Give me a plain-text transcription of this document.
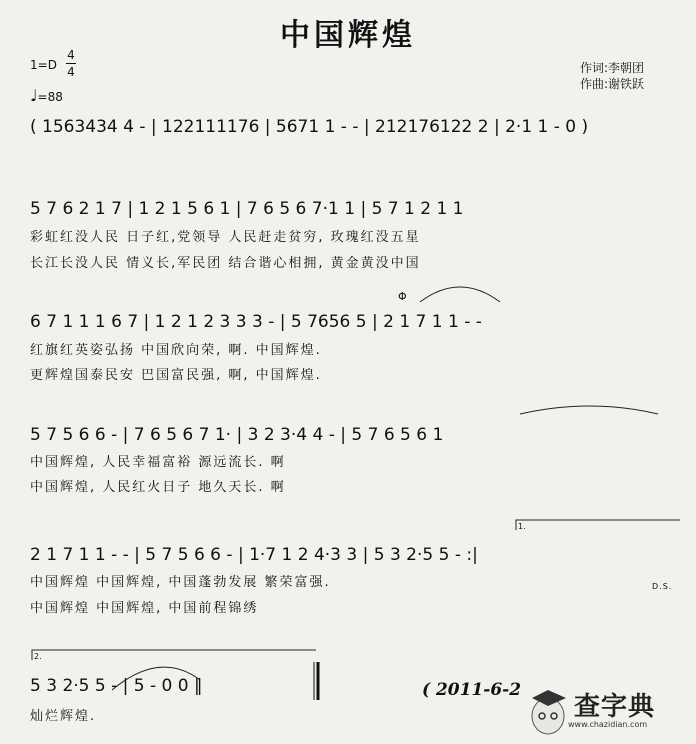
中国辉煌
1=D
4
4
♩=88
作词:李朝团
作曲:谢铁跃
( 1563434 4 - | 122111176 | 5671 1 - - | 212176122 2 | 2·1 1 - 0 )
5 7 6 2 1 7 | 1 2 1 5 6 1 | 7 6 5 6 7·1 1 | 5 7 1 2 1 1
彩虹红没人民 日子红,党领导 人民赶走贫穷, 玫瑰红没五星
长江长没人民 情义长,军民团 结合谐心相拥, 黄金黄没中国
6 7 1 1 1 6 7 | 1 2 1 2 3 3 3 - | 5 7656 5 | 2 1 7 1 1 - -
红旗红英姿弘扬 中国欣向荣, 啊. 中国辉煌.
更辉煌国泰民安 巴国富民强, 啊, 中国辉煌.
Φ
5 7 5 6 6 - | 7 6 5 6 7 1· | 3 2 3·4 4 - | 5 7 6 5 6 1
中国辉煌, 人民幸福富裕 源远流长. 啊
中国辉煌, 人民红火日子 地久天长. 啊
2 1 7 1 1 - - | 5 7 5 6 6 - | 1·7 1 2 4·3 3 | 5 3 2·5 5 - :|
中国辉煌 中国辉煌, 中国蓬勃发展 繁荣富强.
中国辉煌 中国辉煌, 中国前程锦绣
1.
D.S.
2.
5 3 2·5 5 - | 5 - 0 0 ‖
灿烂辉煌.
( 2011-6-2
查字典
www.chazidian.com
